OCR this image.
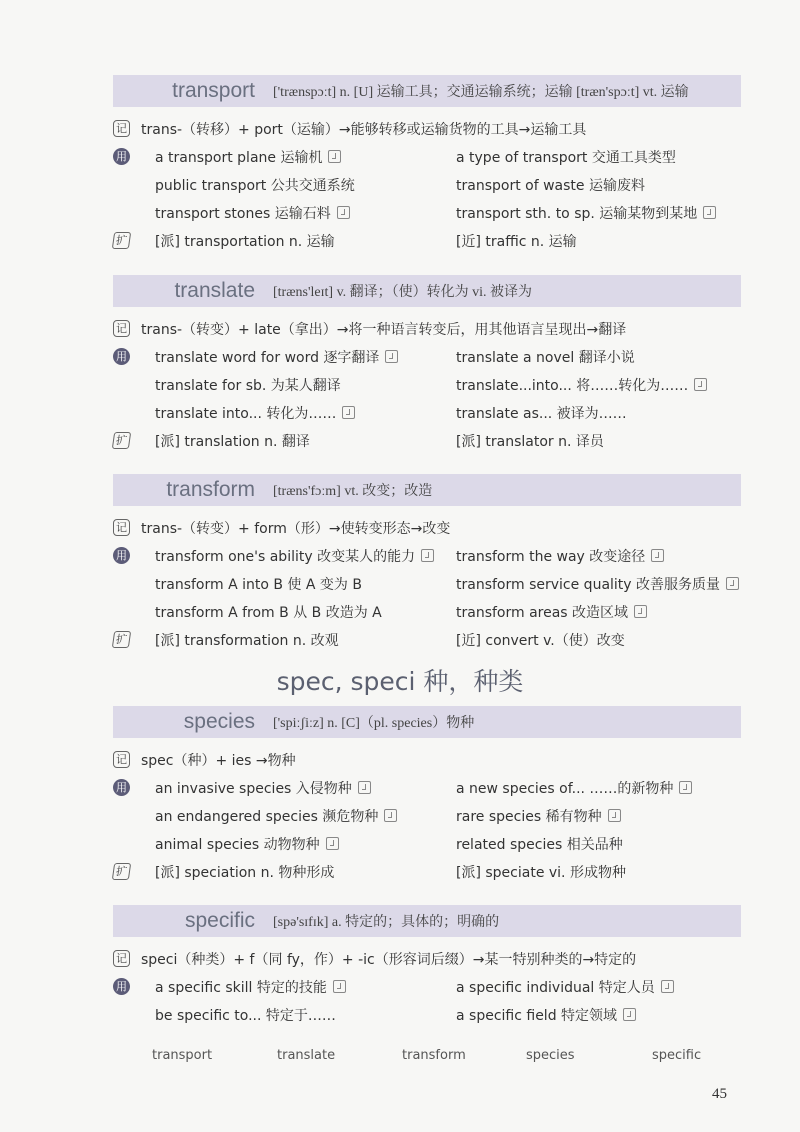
transport	['trænspɔːt] n. [U] 运输工具；交通运输系统；运输 [træn'spɔːt] vt. 运输
记 trans-（转移）+ port（运输）→能够转移或运输货物的工具→运输工具
用 a transport plane 运输机	a type of transport 交通工具类型
public transport 公共交通系统	transport of waste 运输废料
transport stones 运输石料	transport sth. to sp. 运输某物到某地
扩 [派] transportation n. 运输	[近] traffic n. 运输
translate	[træns'leɪt] v. 翻译；（使）转化为 vi. 被译为
记 trans-（转变）+ late（拿出）→将一种语言转变后，用其他语言呈现出→翻译
用 translate word for word 逐字翻译	translate a novel 翻译小说
translate for sb. 为某人翻译	translate...into... 将……转化为……
translate into... 转化为……	translate as... 被译为……
扩 [派] translation n. 翻译	[派] translator n. 译员
transform	[træns'fɔːm] vt. 改变；改造
记 trans-（转变）+ form（形）→使转变形态→改变
用 transform one's ability 改变某人的能力	transform the way 改变途径
transform A into B 使 A 变为 B	transform service quality 改善服务质量
transform A from B 从 B 改造为 A	transform areas 改造区域
扩 [派] transformation n. 改观	[近] convert v.（使）改变
spec, speci 种，种类
species	['spiːʃiːz] n. [C]（pl. species）物种
记 spec（种）+ ies →物种
用 an invasive species 入侵物种	a new species of... ……的新物种
an endangered species 濒危物种	rare species 稀有物种
animal species 动物物种	related species 相关品种
扩 [派] speciation n. 物种形成	[派] speciate vi. 形成物种
specific	[spə'sɪfɪk] a. 特定的；具体的；明确的
记 speci（种类）+ f（同 fy，作）+ -ic（形容词后缀）→某一特别种类的→特定的
用 a specific skill 特定的技能	a specific individual 特定人员
be specific to... 特定于……	a specific field 特定领域
transport	translate	transform	species	specific
45
